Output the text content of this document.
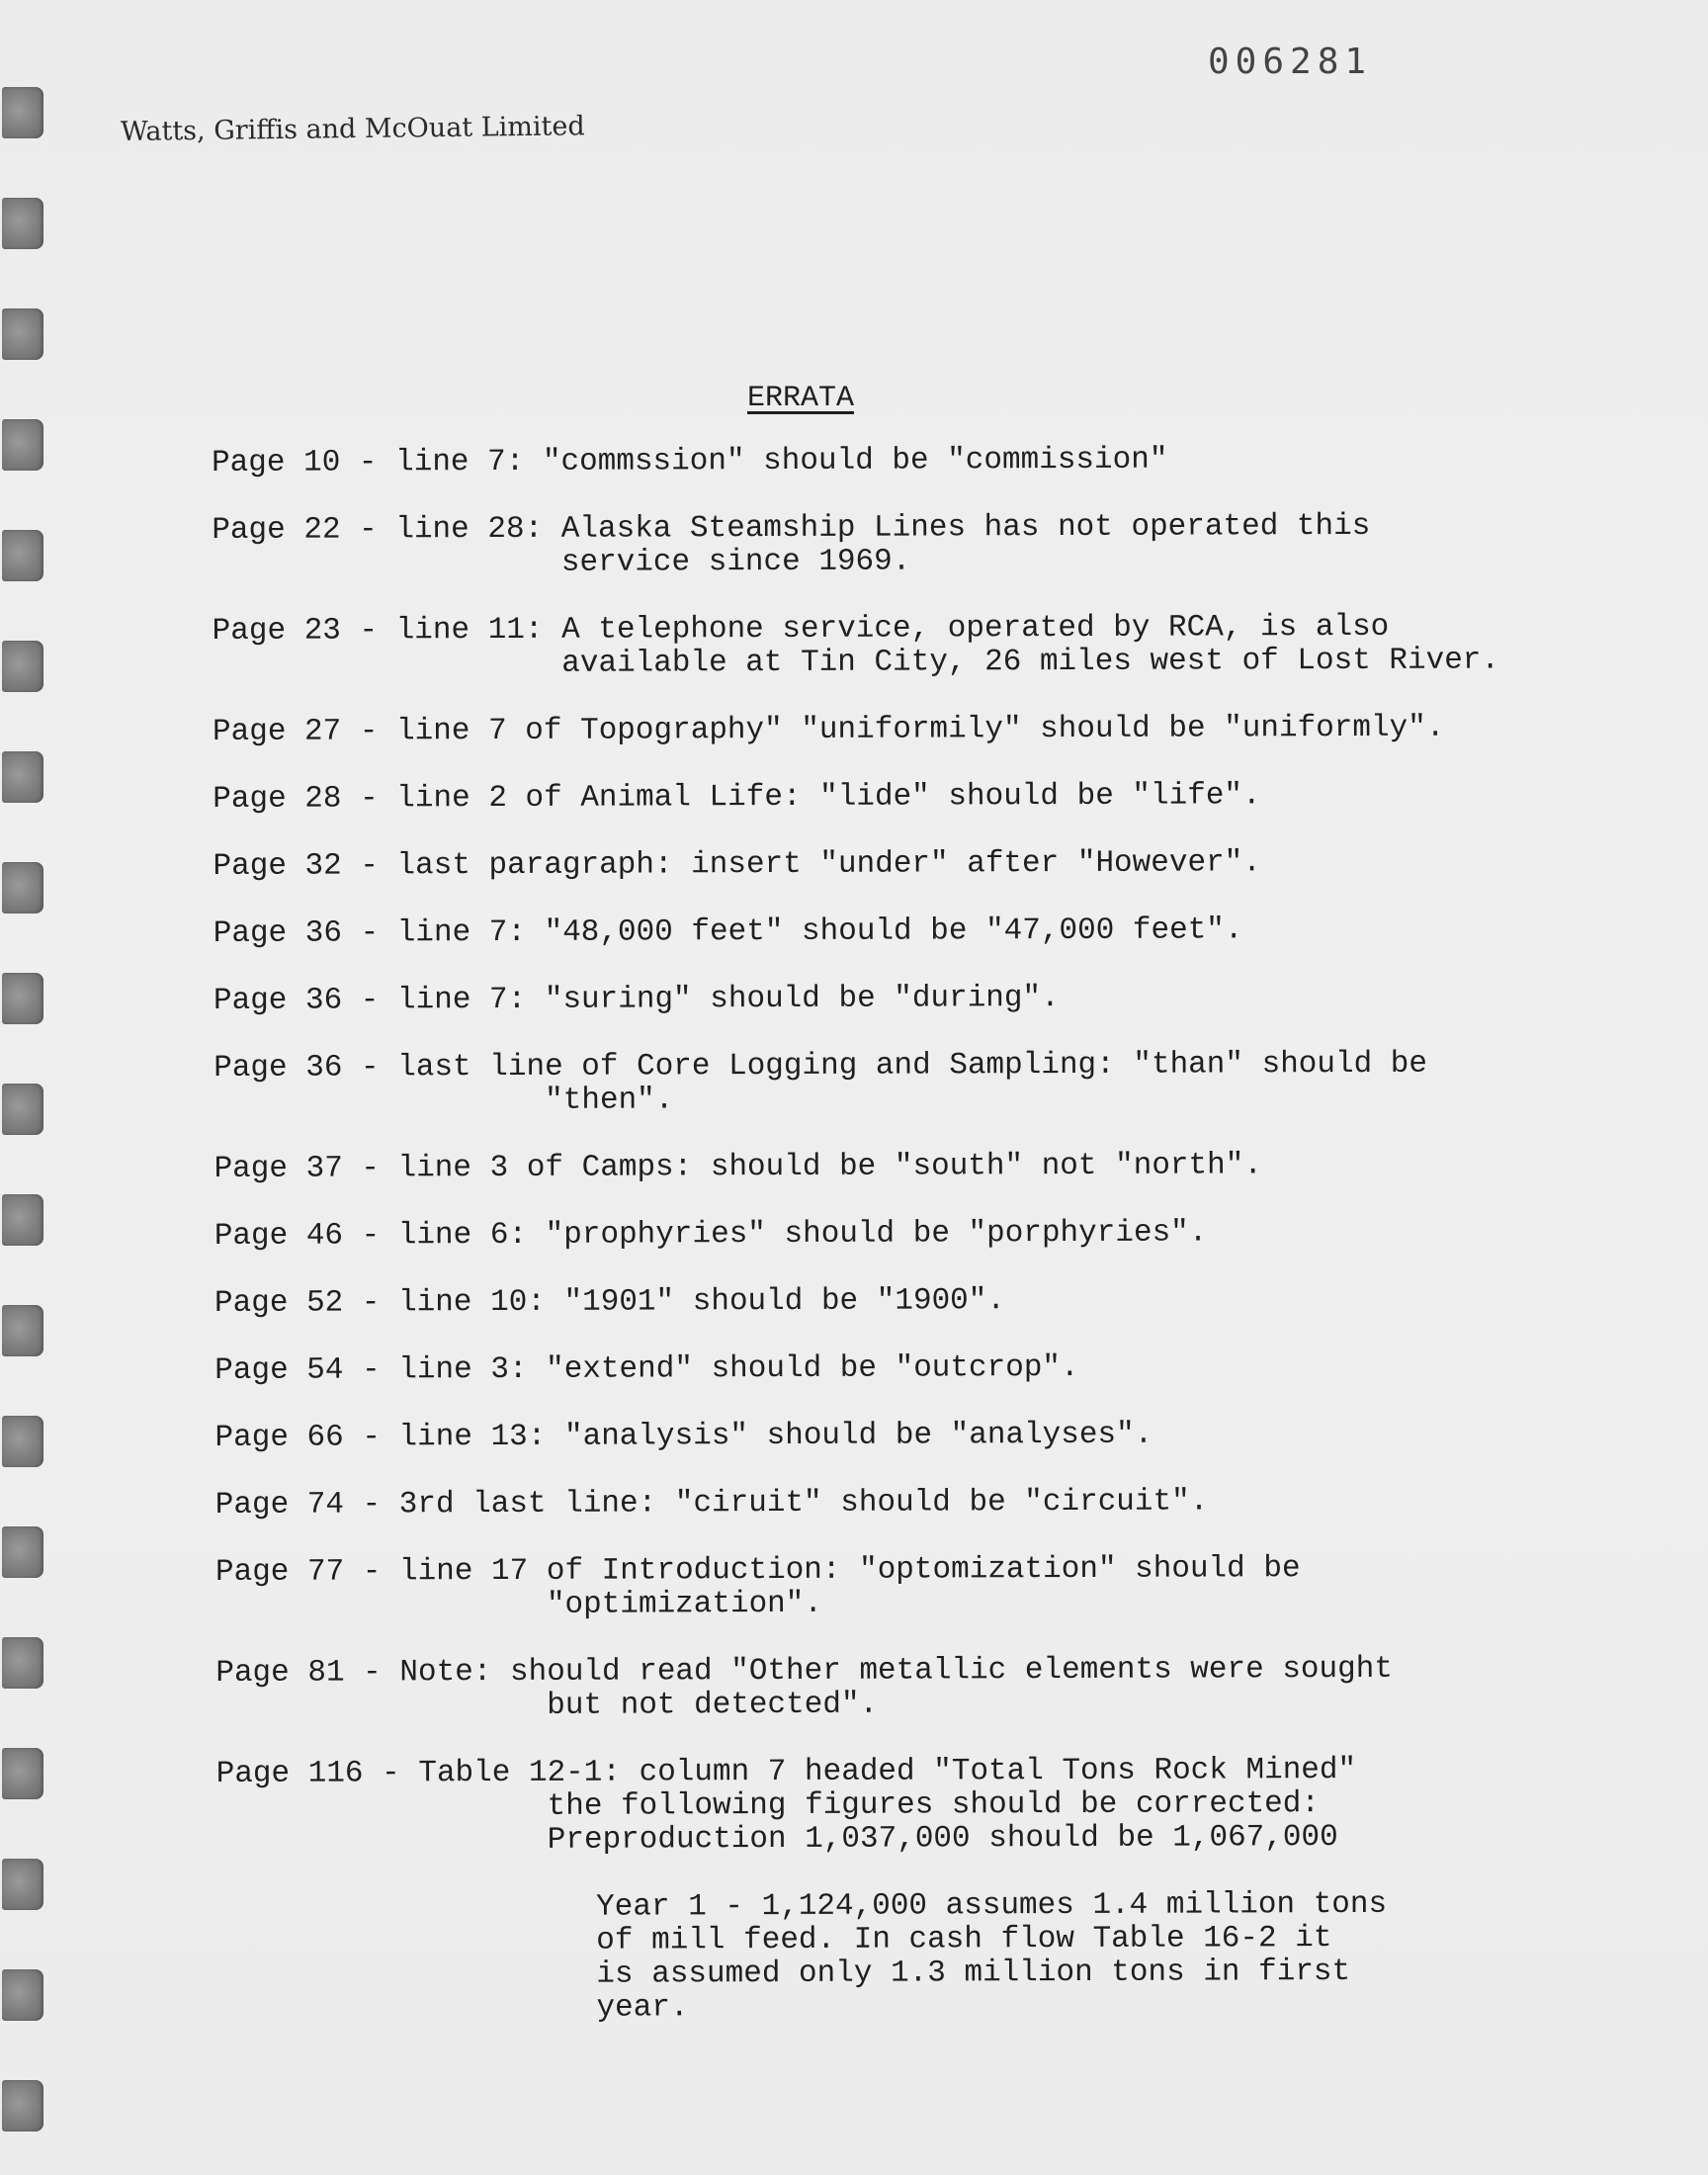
006281
Watts, Griffis and McOuat Limited
ERRATA
Page 10 - line 7: "commssion" should be "commission"
Page 22 - line 28: Alaska Steamship Lines has not operated this
service since 1969.
Page 23 - line 11: A telephone service, operated by RCA, is also
available at Tin City, 26 miles west of Lost River.
Page 27 - line 7 of Topography" "uniformily" should be "uniformly".
Page 28 - line 2 of Animal Life: "lide" should be "life".
Page 32 - last paragraph: insert "under" after "However".
Page 36 - line 7: "48,000 feet" should be "47,000 feet".
Page 36 - line 7: "suring" should be "during".
Page 36 - last line of Core Logging and Sampling: "than" should be
"then".
Page 37 - line 3 of Camps: should be "south" not "north".
Page 46 - line 6: "prophyries" should be "porphyries".
Page 52 - line 10: "1901" should be "1900".
Page 54 - line 3: "extend" should be "outcrop".
Page 66 - line 13: "analysis" should be "analyses".
Page 74 - 3rd last line: "ciruit" should be "circuit".
Page 77 - line 17 of Introduction: "optomization" should be
"optimization".
Page 81 - Note: should read "Other metallic elements were sought
but not detected".
Page 116 - Table 12-1: column 7 headed "Total Tons Rock Mined"
the following figures should be corrected:
Preproduction 1,037,000 should be 1,067,000
Year 1 - 1,124,000 assumes 1.4 million tons
of mill feed. In cash flow Table 16-2 it
is assumed only 1.3 million tons in first
year.
